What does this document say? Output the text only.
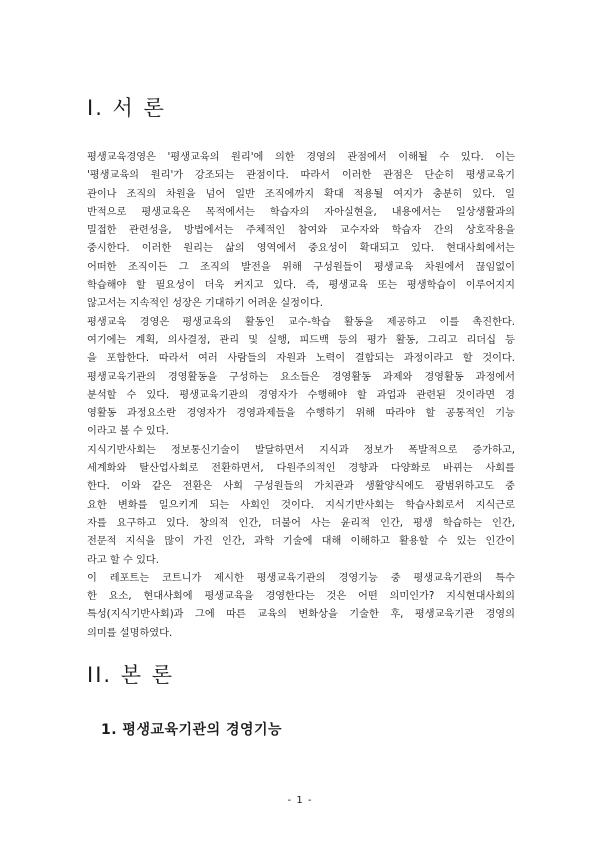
I. 서 론
평생교육경영은 '평생교육의 원리'에 의한 경영의 관점에서 이해될 수 있다. 이는
'평생교육의 원리'가 강조되는 관점이다. 따라서 이러한 관점은 단순히 평생교육기
관이나 조직의 차원을 넘어 일반 조직에까지 확대 적용될 여지가 충분히 있다. 일
반적으로 평생교육은 목적에서는 학습자의 자아실현을, 내용에서는 일상생활과의
밀접한 관련성을, 방법에서는 주체적인 참여와 교수자와 학습자 간의 상호작용을
중시한다. 이러한 원리는 삶의 영역에서 중요성이 확대되고 있다. 현대사회에서는
어떠한 조직이든 그 조직의 발전을 위해 구성원들이 평생교육 차원에서 끊임없이
학습해야 할 필요성이 더욱 커지고 있다. 즉, 평생교육 또는 평생학습이 이루어지지
않고서는 지속적인 성장은 기대하기 어려운 실정이다.
평생교육 경영은 평생교육의 활동인 교수-학습 활동을 제공하고 이를 촉진한다.
여기에는 계획, 의사결정, 관리 및 실행, 피드백 등의 평가 활동, 그리고 리더십 등
을 포함한다. 따라서 여러 사람들의 자원과 노력이 결합되는 과정이라고 할 것이다.
평생교육기관의 경영활동을 구성하는 요소들은 경영활동 과제와 경영활동 과정에서
분석할 수 있다. 평생교육기관의 경영자가 수행해야 할 과업과 관련된 것이라면 경
영활동 과정요소란 경영자가 경영과제들을 수행하기 위해 따라야 할 공통적인 기능
이라고 볼 수 있다.
지식기반사회는 정보통신기술이 발달하면서 지식과 정보가 폭발적으로 증가하고,
세계화와 탈산업사회로 전환하면서, 다원주의적인 경향과 다양화로 바뀌는 사회를
한다. 이와 같은 전환은 사회 구성원들의 가치관과 생활양식에도 광범위하고도 중
요한 변화를 일으키게 되는 사회인 것이다. 지식기반사회는 학습사회로서 지식근로
자를 요구하고 있다. 창의적 인간, 더불어 사는 윤리적 인간, 평생 학습하는 인간,
전문적 지식을 많이 가진 인간, 과학 기술에 대해 이해하고 활용할 수 있는 인간이
라고 할 수 있다.
이 레포트는 코트니가 제시한 평생교육기관의 경영기능 중 평생교육기관의 특수
한 요소, 현대사회에 평생교육을 경영한다는 것은 어떤 의미인가? 지식현대사회의
특성(지식기반사회)과 그에 따른 교육의 변화상을 기술한 후, 평생교육기관 경영의
의미를 설명하였다.
II. 본 론
1. 평생교육기관의 경영기능
- 1 -
